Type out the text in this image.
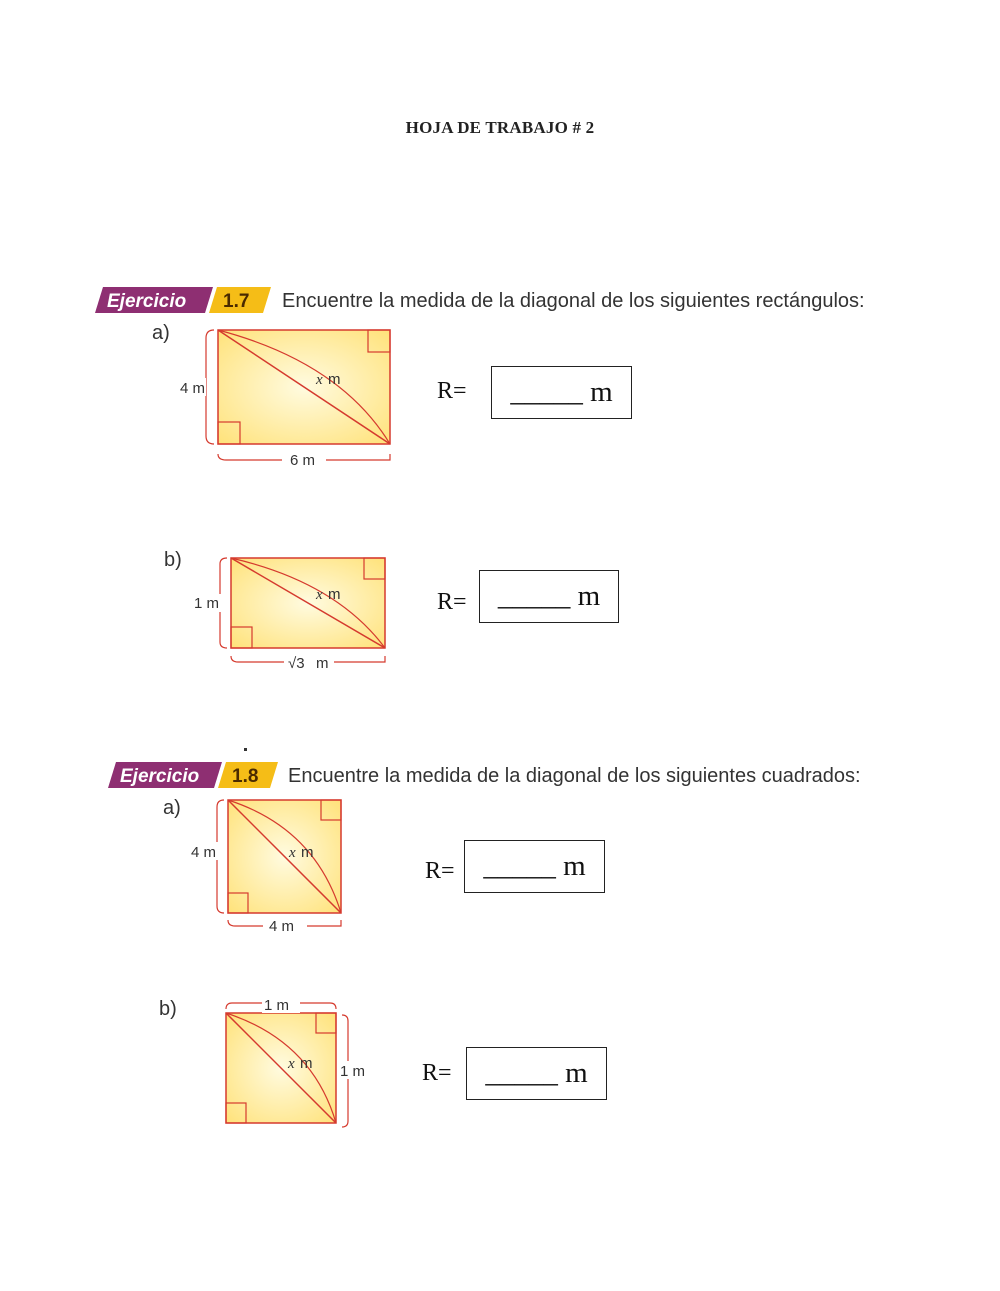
HOJA DE TRABAJO # 2
Ejercicio 1.7 Encuentre la medida de la diagonal de los siguientes rectángulos:
a)
6 m
4 m	x m	R= _____ m
b)
√3 m
1 m	x m	R= _____ m
Ejercicio 1.8 Encuentre la medida de la diagonal de los siguientes cuadrados:
a)
4 m
4 m	x m
R= _____ m
b)	1 m
1 m
x m	R= _____ m
